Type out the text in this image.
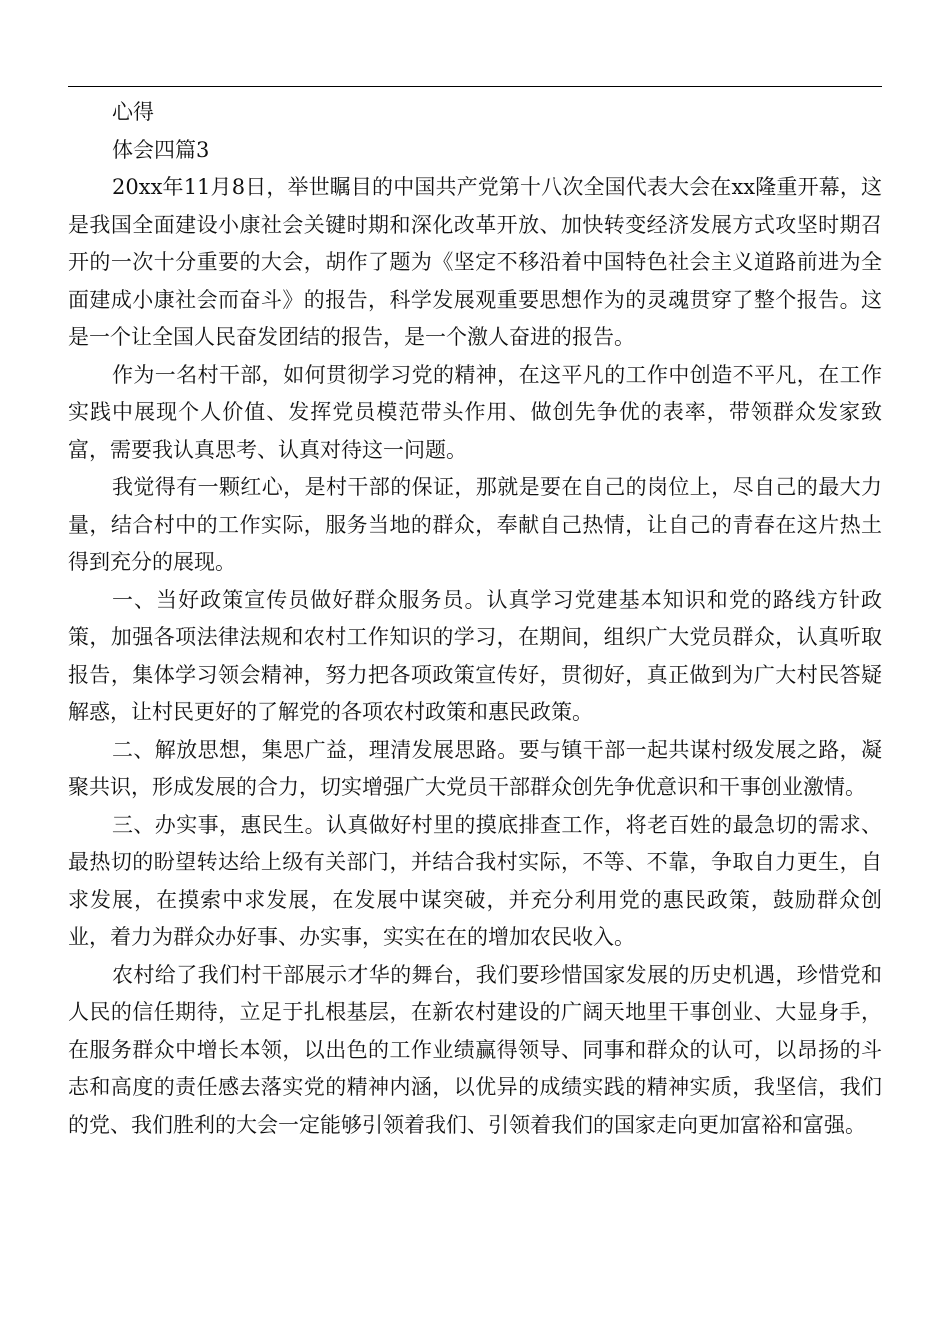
心得

体会四篇3

20xx年11月8日，举世瞩目的中国共产党第十八次全国代表大会在xx隆重开幕，这是我国全面建设小康社会关键时期和深化改革开放、加快转变经济发展方式攻坚时期召开的一次十分重要的大会，胡作了题为《坚定不移沿着中国特色社会主义道路前进为全面建成小康社会而奋斗》的报告，科学发展观重要思想作为的灵魂贯穿了整个报告。这是一个让全国人民奋发团结的报告，是一个激人奋进的报告。

作为一名村干部，如何贯彻学习党的精神，在这平凡的工作中创造不平凡，在工作实践中展现个人价值、发挥党员模范带头作用、做创先争优的表率，带领群众发家致富，需要我认真思考、认真对待这一问题。

我觉得有一颗红心，是村干部的保证，那就是要在自己的岗位上，尽自己的最大力量，结合村中的工作实际，服务当地的群众，奉献自己热情，让自己的青春在这片热土得到充分的展现。

一、当好政策宣传员做好群众服务员。认真学习党建基本知识和党的路线方针政策，加强各项法律法规和农村工作知识的学习，在期间，组织广大党员群众，认真听取报告，集体学习领会精神，努力把各项政策宣传好，贯彻好，真正做到为广大村民答疑解惑，让村民更好的了解党的各项农村政策和惠民政策。

二、解放思想，集思广益，理清发展思路。要与镇干部一起共谋村级发展之路，凝聚共识，形成发展的合力，切实增强广大党员干部群众创先争优意识和干事创业激情。

三、办实事，惠民生。认真做好村里的摸底排查工作，将老百姓的最急切的需求、最热切的盼望转达给上级有关部门，并结合我村实际，不等、不靠，争取自力更生，自求发展，在摸索中求发展，在发展中谋突破，并充分利用党的惠民政策，鼓励群众创业，着力为群众办好事、办实事，实实在在的增加农民收入。

农村给了我们村干部展示才华的舞台，我们要珍惜国家发展的历史机遇，珍惜党和人民的信任期待，立足于扎根基层，在新农村建设的广阔天地里干事创业、大显身手，在服务群众中增长本领，以出色的工作业绩赢得领导、同事和群众的认可，以昂扬的斗志和高度的责任感去落实党的精神内涵，以优异的成绩实践的精神实质，我坚信，我们的党、我们胜利的大会一定能够引领着我们、引领着我们的国家走向更加富裕和富强。
